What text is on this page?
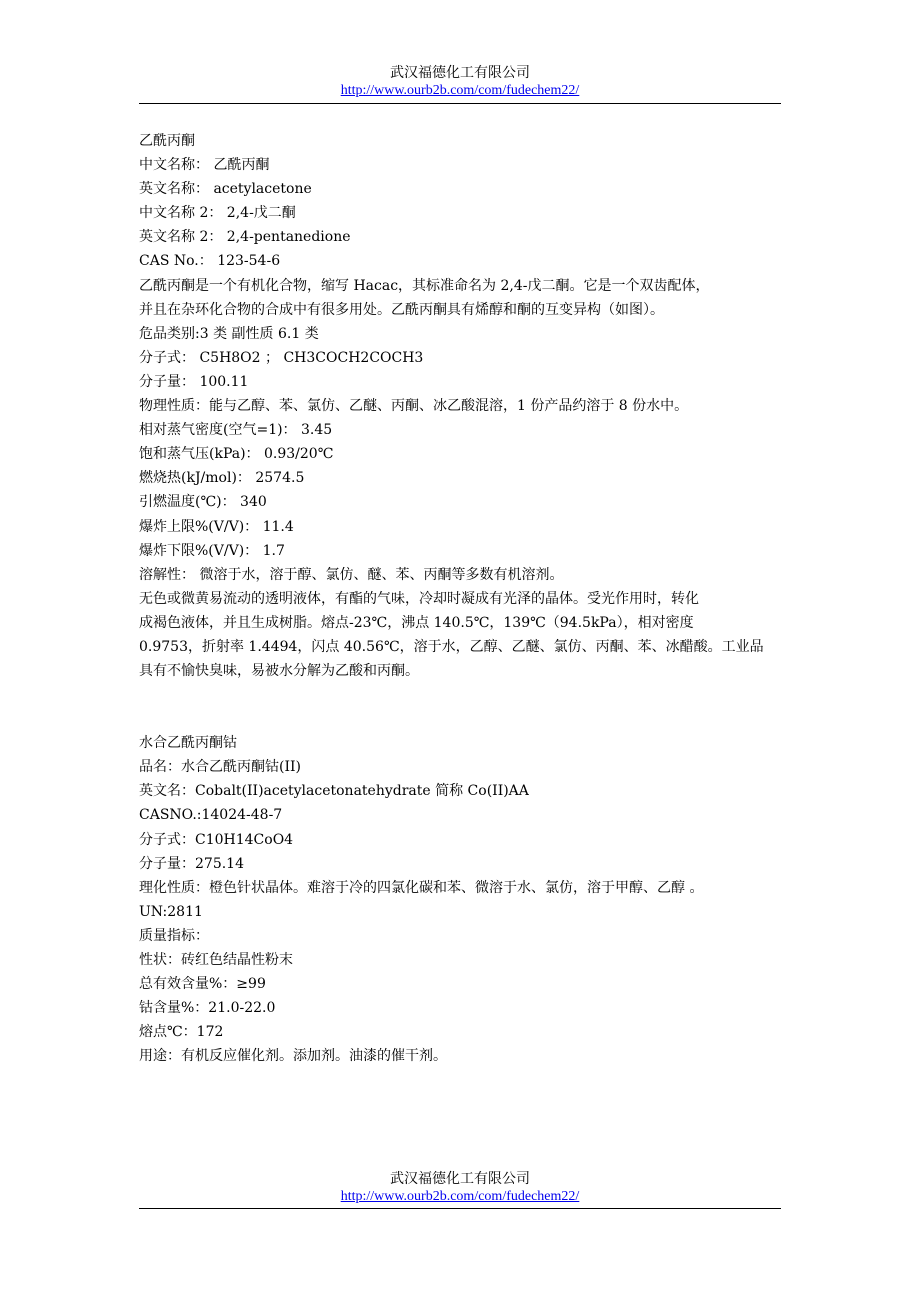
武汉福德化工有限公司
http://www.ourb2b.com/com/fudechem22/
乙酰丙酮
中文名称： 乙酰丙酮
英文名称： acetylacetone
中文名称 2： 2,4-戊二酮
英文名称 2： 2,4-pentanedione
CAS No.： 123-54-6
乙酰丙酮是一个有机化合物，缩写 Hacac，其标准命名为 2,4-戊二酮。它是一个双齿配体，
并且在杂环化合物的合成中有很多用处。乙酰丙酮具有烯醇和酮的互变异构（如图）。
危品类别:3 类 副性质 6.1 类
分子式： C5H8O2 ； CH3COCH2COCH3
分子量： 100.11
物理性质：能与乙醇、苯、氯仿、乙醚、丙酮、冰乙酸混溶，1 份产品约溶于 8 份水中。
相对蒸气密度(空气=1)： 3.45
饱和蒸气压(kPa)： 0.93/20℃
燃烧热(kJ/mol)： 2574.5
引燃温度(℃)： 340
爆炸上限%(V/V)： 11.4
爆炸下限%(V/V)： 1.7
溶解性： 微溶于水，溶于醇、氯仿、醚、苯、丙酮等多数有机溶剂。
无色或微黄易流动的透明液体，有酯的气味，冷却时凝成有光泽的晶体。受光作用时，转化
成褐色液体，并且生成树脂。熔点-23℃，沸点 140.5℃，139℃（94.5kPa），相对密度
0.9753，折射率 1.4494，闪点 40.56℃，溶于水，乙醇、乙醚、氯仿、丙酮、苯、冰醋酸。工业品
具有不愉快臭味，易被水分解为乙酸和丙酮。
水合乙酰丙酮钴
品名：水合乙酰丙酮钴(II)
英文名：Cobalt(II)acetylacetonatehydrate 简称 Co(II)AA
CASNO.:14024-48-7
分子式：C10H14CoO4
分子量：275.14
理化性质：橙色针状晶体。难溶于冷的四氯化碳和苯、微溶于水、氯仿，溶于甲醇、乙醇 。
UN:2811
质量指标：
性状：砖红色结晶性粉末
总有效含量%：≥99
钴含量%：21.0-22.0
熔点℃：172
用途：有机反应催化剂。添加剂。油漆的催干剂。
武汉福德化工有限公司
http://www.ourb2b.com/com/fudechem22/
